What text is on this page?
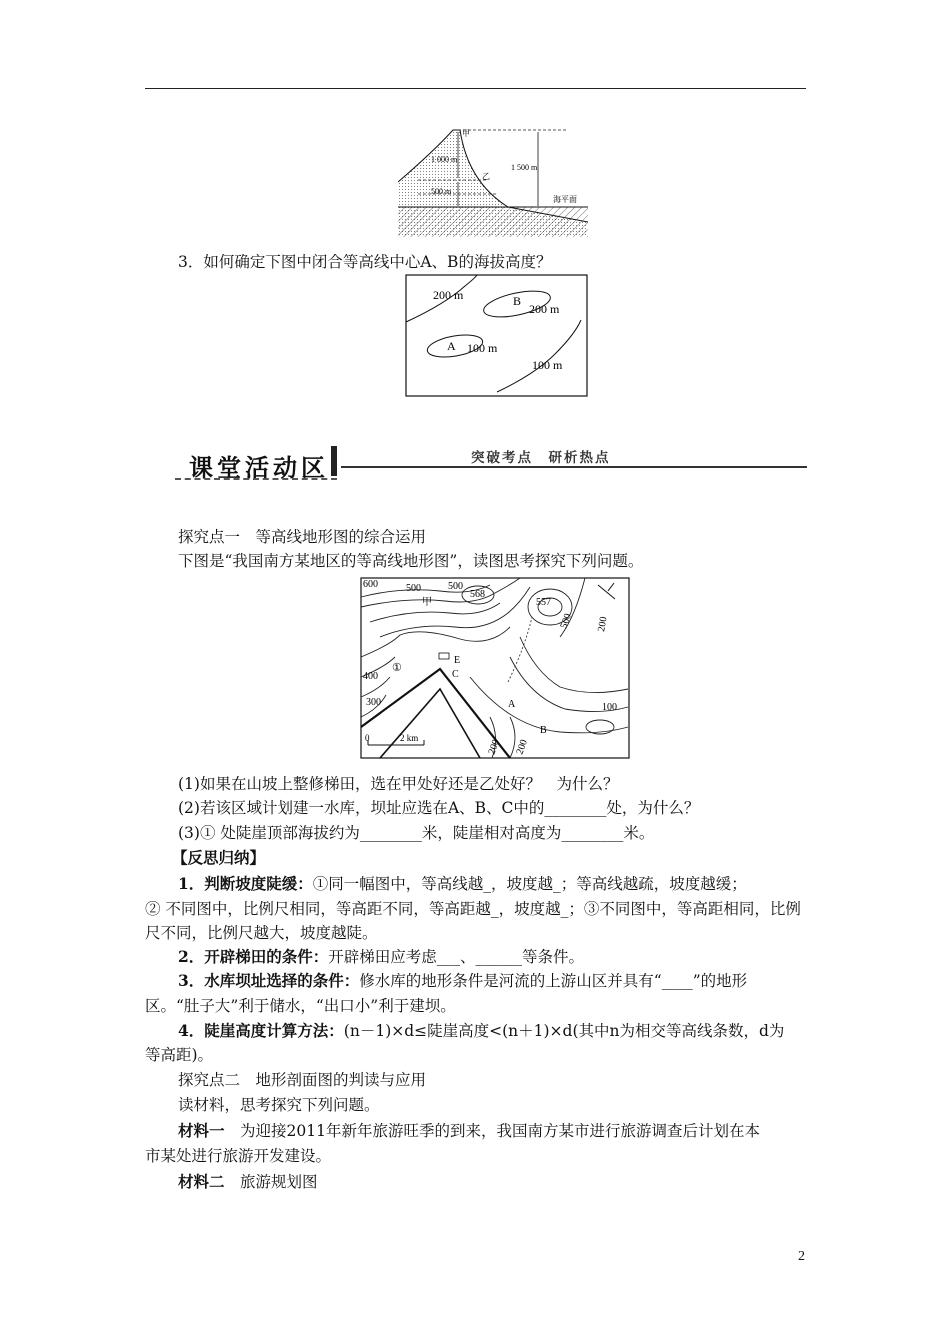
甲
1 000 m
乙
500 m
1 500 m
海平面
3．如何确定下图中闭合等高线中心A、B的海拔高度？
200 m	B
200 m
A 100 m
100 m
课堂活动区	突破考点　研析热点
探究点一　等高线地形图的综合运用
下图是“我国南方某地区的等高线地形图”，读图思考探究下列问题。
600	500	500
568
557
500 200
甲
E
C
①
400
300	A	100
B
200 200
0	2 km
(1)如果在山坡上整修梯田，选在甲处好还是乙处好？　为什么？
(2)若该区域计划建一水库，坝址应选在A、B、C中的________处，为什么？
(3)① 处陡崖顶部海拔约为________米，陡崖相对高度为________米。
【反思归纳】
1．判断坡度陡缓：①同一幅图中，等高线越_，坡度越_；等高线越疏，坡度越缓；
② 不同图中，比例尺相同，等高距不同，等高距越_，坡度越_；③不同图中，等高距相同，比例
尺不同，比例尺越大，坡度越陡。
2．开辟梯田的条件：开辟梯田应考虑___、______等条件。
3．水库坝址选择的条件：修水库的地形条件是河流的上游山区并具有“____”的地形
区。“肚子大”利于储水，“出口小”利于建坝。
4．陡崖高度计算方法：(n－1)×d≤陡崖高度<(n＋1)×d(其中n为相交等高线条数，d为
等高距)。
探究点二　地形剖面图的判读与应用
读材料，思考探究下列问题。
材料一　为迎接2011年新年旅游旺季的到来，我国南方某市进行旅游调查后计划在本
市某处进行旅游开发建设。
材料二　旅游规划图
2
